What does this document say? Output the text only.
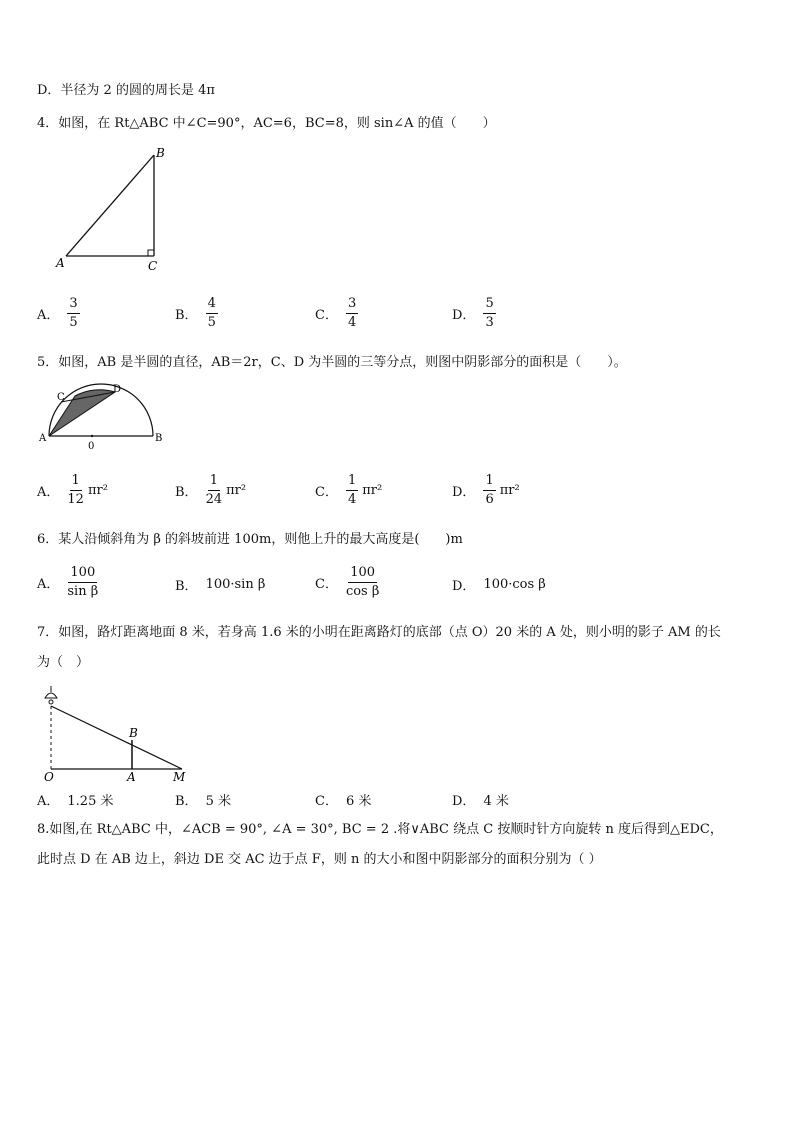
D．半径为 2 的圆的周长是 4π
4．如图，在 Rt△ABC 中∠C=90°，AC=6，BC=8，则 sin∠A 的值（　　）
A
B
C
A． $\frac{3}{5}$	B． $\frac{4}{5}$	C． $\frac{3}{4}$	D． $\frac{5}{3}$
5．如图，AB 是半圆的直径，AB＝2r，C、D 为半圆的三等分点，则图中阴影部分的面积是（　　）。
A	B
C
D
0
A． $\frac{1}{12} \pi r^2$	B． $\frac{1}{24} \pi r^2$	C． $\frac{1}{4} \pi r^2$	D． $\frac{1}{6} \pi r^2$
6．某人沿倾斜角为 β 的斜坡前进 100m，则他上升的最大高度是(　　)m
A． $\frac{100}{\text{sin β}}$	B． 100·sin β	C． $\frac{100}{\text{cos β}}$	D． 100·cos β
7．如图，路灯距离地面 8 米，若身高 1.6 米的小明在距离路灯的底部（点 O）20 米的 A 处，则小明的影子 AM 的长
为（　）
O	A
B
M
A． 1.25 米	B． 5 米	C． 6 米	D． 4 米
8.如图,在 Rt△ABC 中，∠ACB = 90°, ∠A = 30°, BC = 2 .将∨ABC 绕点 C 按顺时针方向旋转 n 度后得到△EDC，
此时点 D 在 AB 边上，斜边 DE 交 AC 边于点 F，则 n 的大小和图中阴影部分的面积分别为（ ）
